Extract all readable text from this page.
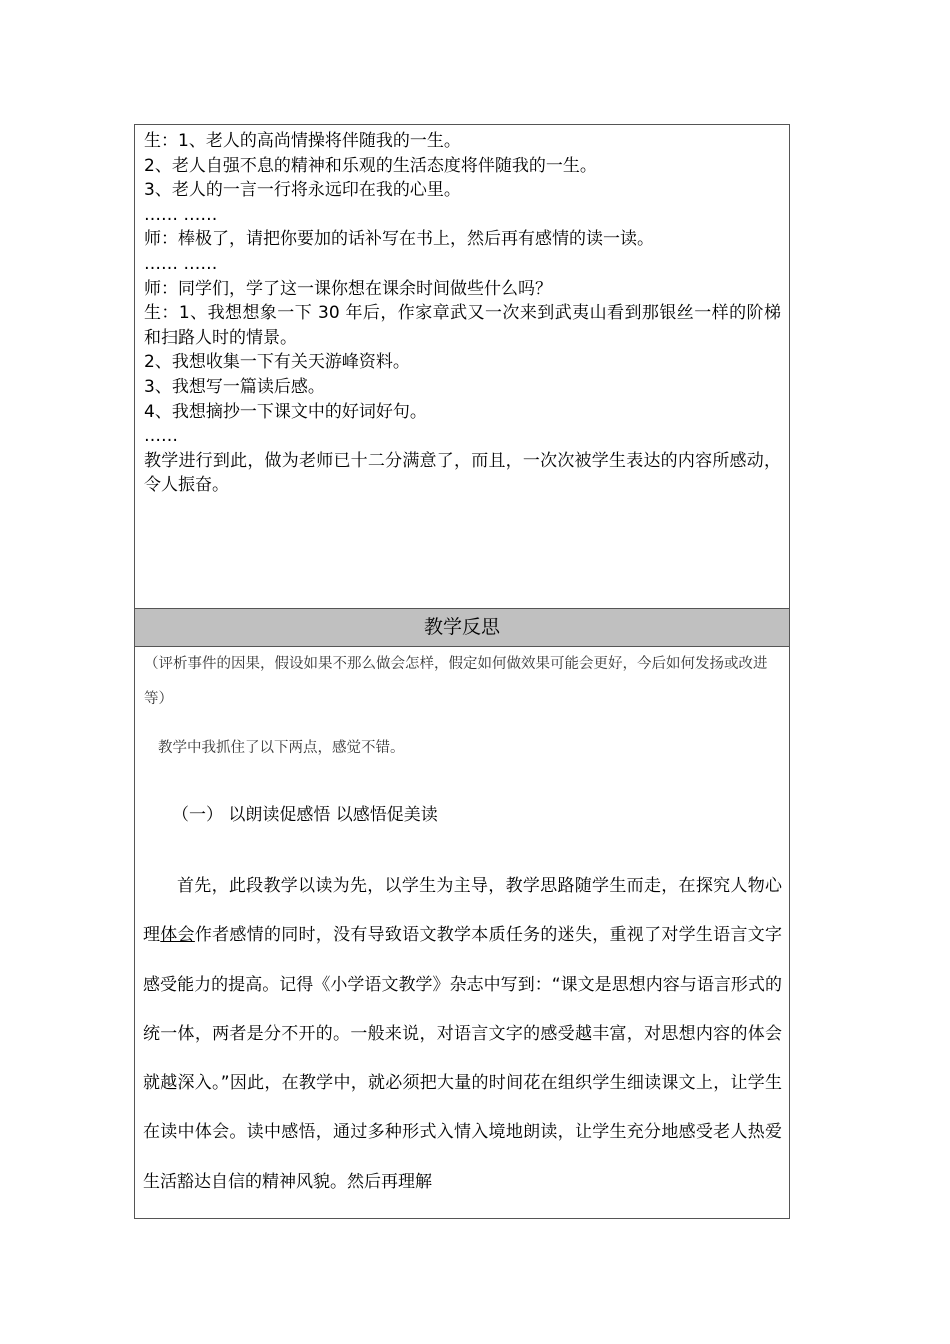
生：1、老人的高尚情操将伴随我的一生。

2、老人自强不息的精神和乐观的生活态度将伴随我的一生。

3、老人的一言一行将永远印在我的心里。

…… ……

师：棒极了，请把你要加的话补写在书上，然后再有感情的读一读。

…… ……

师：同学们，学了这一课你想在课余时间做些什么吗？

生：1、我想想象一下 30 年后，作家章武又一次来到武夷山看到那银丝一样的阶梯和扫路人时的情景。

2、我想收集一下有关天游峰资料。

3、我想写一篇读后感。

4、我想摘抄一下课文中的好词好句。

……

教学进行到此，做为老师已十二分满意了，而且，一次次被学生表达的内容所感动，令人振奋。

教学反思

（评析事件的因果，假设如果不那么做会怎样，假定如何做效果可能会更好，今后如何发扬或改进等）

教学中我抓住了以下两点，感觉不错。

（一） 以朗读促感悟 以感悟促美读

首先，此段教学以读为先，以学生为主导，教学思路随学生而走，在探究人物心理体会作者感情的同时，没有导致语文教学本质任务的迷失，重视了对学生语言文字感受能力的提高。记得《小学语文教学》杂志中写到：“课文是思想内容与语言形式的统一体，两者是分不开的。一般来说，对语言文字的感受越丰富，对思想内容的体会就越深入。”因此，在教学中，就必须把大量的时间花在组织学生细读课文上，让学生在读中体会。读中感悟，通过多种形式入情入境地朗读，让学生充分地感受老人热爱生活豁达自信的精神风貌。然后再理解
